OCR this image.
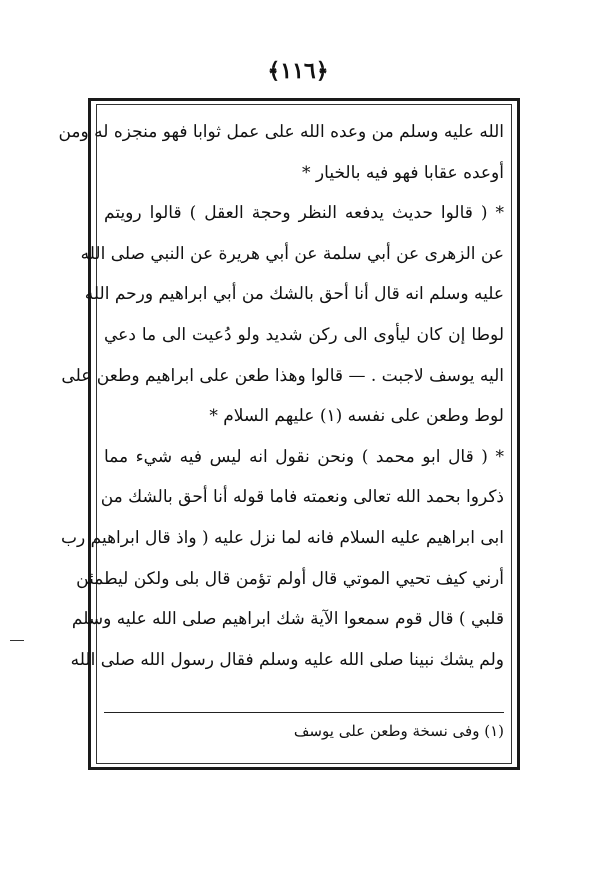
﴿١١٦﴾
الله عليه وسلم من وعده الله على عمل ثوابا فهو منجزه له ومن
أوعده عقابا فهو فيه بالخيار *
* ( قالوا حديث يدفعه النظر وحجة العقل ) قالوا رويتم
عن الزهرى عن أبي سلمة عن أبي هريرة عن النبي صلى الله
عليه وسلم انه قال أنا أحق بالشك من أبي ابراهيم ورحم الله
لوطا إن كان ليأوى الى ركن شديد ولو دُعيت الى ما دعي
اليه يوسف لاجبت . — قالوا وهذا طعن على ابراهيم وطعن على
لوط وطعن على نفسه (١) عليهم السلام *
* ( قال ابو محمد ) ونحن نقول انه ليس فيه شيء مما
ذكروا بحمد الله تعالى ونعمته فاما قوله أنا أحق بالشك من
ابى ابراهيم عليه السلام فانه لما نزل عليه ( واذ قال ابراهيم رب
أرني كيف تحيي الموتي قال أولم تؤمن قال بلى ولكن ليطمئن
قلبي ) قال قوم سمعوا الآية شك ابراهيم صلى الله عليه وسلم
ولم يشك نبينا صلى الله عليه وسلم فقال رسول الله صلى الله
(١) وفى نسخة وطعن على يوسف
